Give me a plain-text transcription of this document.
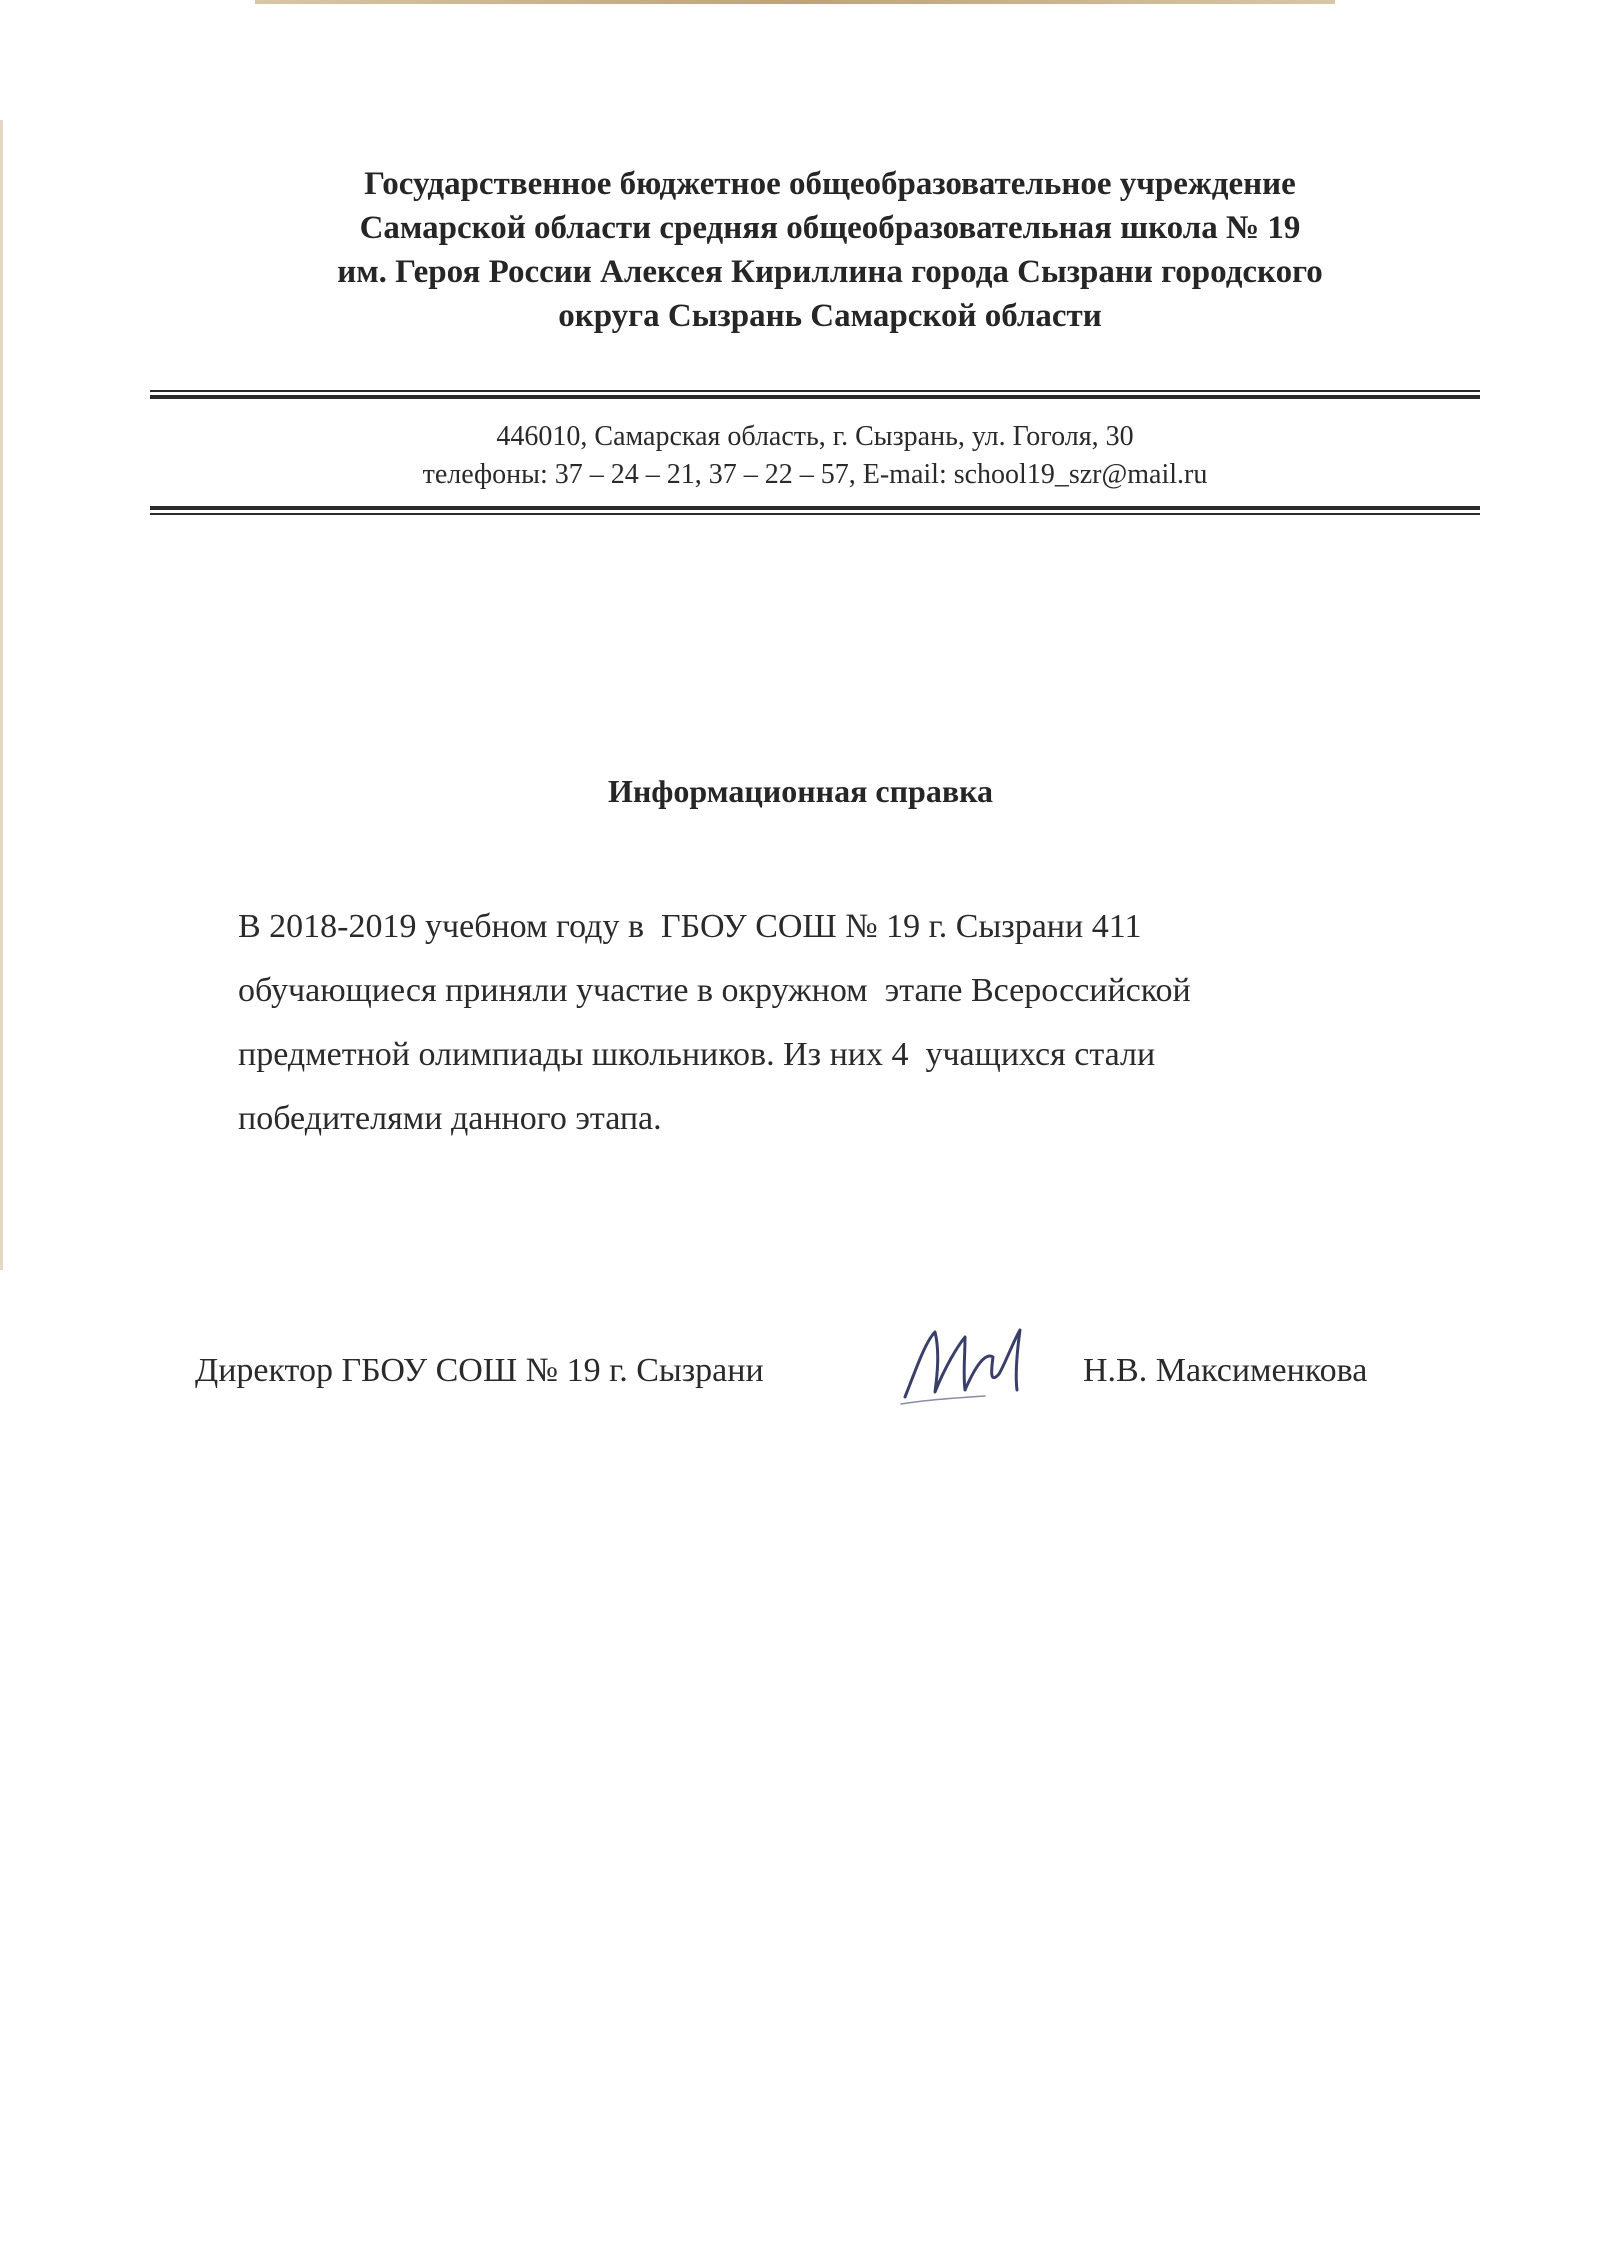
Государственное бюджетное общеобразовательное учреждение
Самарской области средняя общеобразовательная школа № 19
им. Героя России Алексея Кириллина города Сызрани городского
округа Сызрань Самарской области
446010, Самарская область, г. Сызрань, ул. Гоголя, 30
телефоны: 37 – 24 – 21, 37 – 22 – 57, E-mail: school19_szr@mail.ru
Информационная справка
В 2018-2019 учебном году в  ГБОУ СОШ № 19 г. Сызрани 411
обучающиеся приняли участие в окружном  этапе Всероссийской
предметной олимпиады школьников. Из них 4  учащихся стали
победителями данного этапа.
Директор ГБОУ СОШ № 19 г. Сызрани	Н.В. Максименкова
